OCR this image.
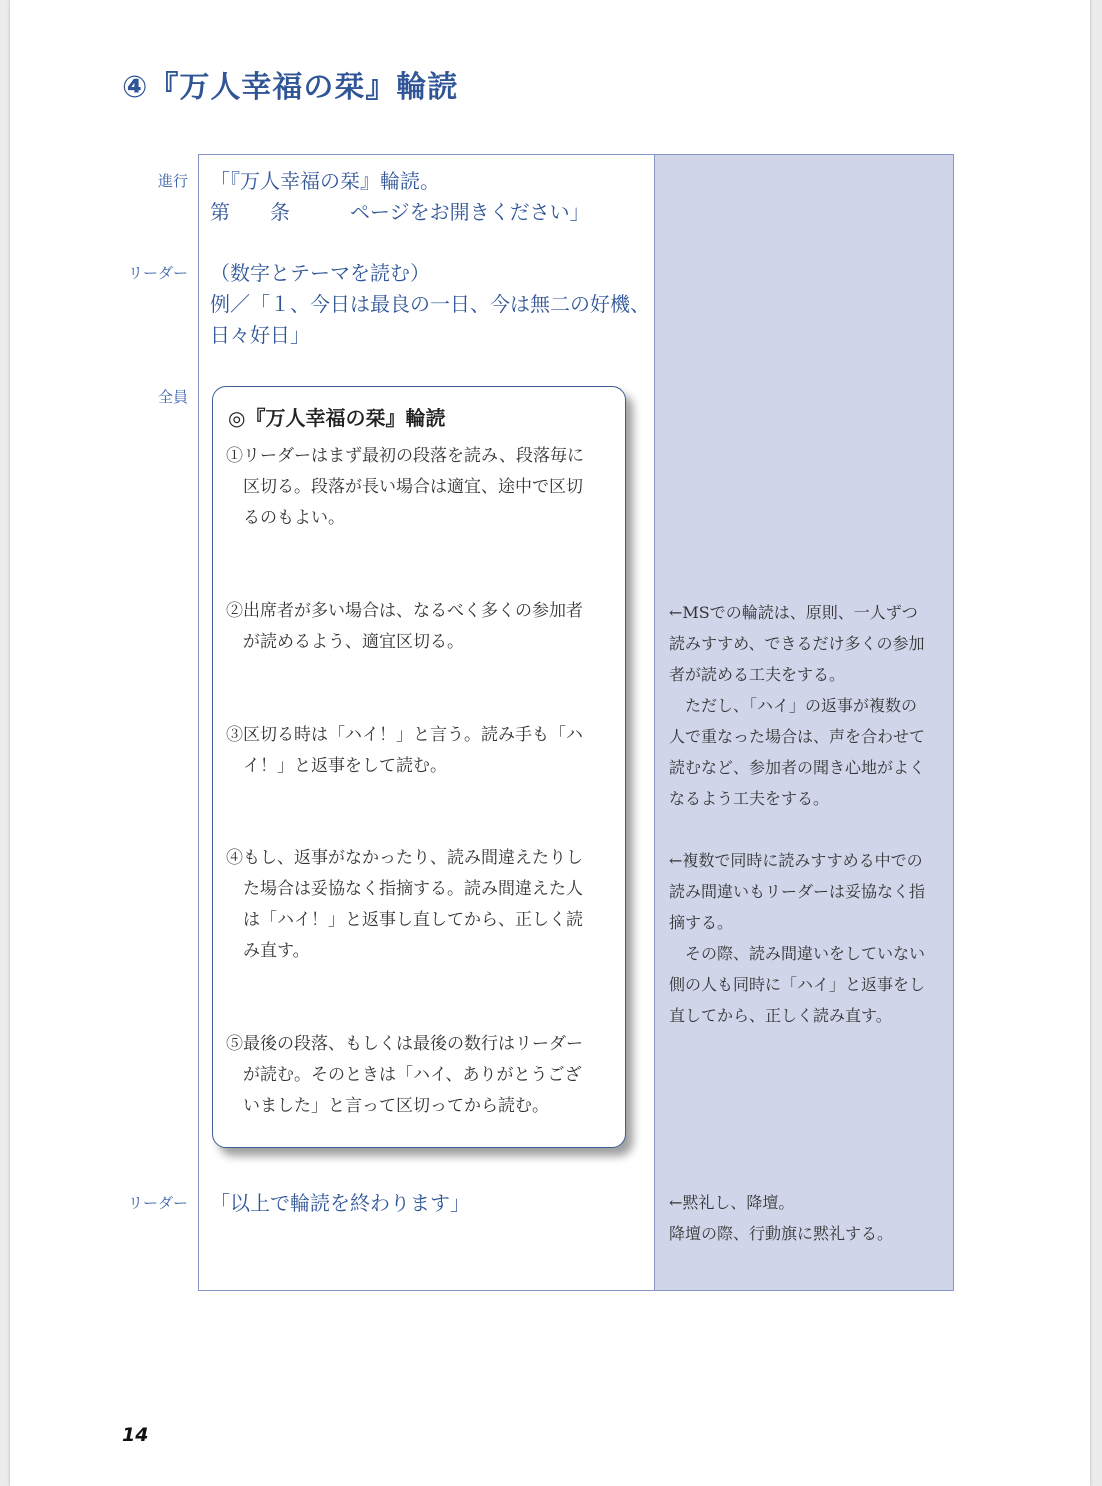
④『万人幸福の栞』輪読
進行
リーダー
全員
リーダー
「『万人幸福の栞』輪読。
第　　条　　　ページをお開きください」
（数字とテーマを読む）
例／「１、今日は最良の一日、今は無二の好機、
日々好日」
◎『万人幸福の栞』輪読
①リーダーはまず最初の段落を読み、段落毎に
　区切る。段落が長い場合は適宜、途中で区切
　るのもよい。
②出席者が多い場合は、なるべく多くの参加者
　が読めるよう、適宜区切る。
③区切る時は「ハイ！」と言う。読み手も「ハ
　イ！」と返事をして読む。
④もし、返事がなかったり、読み間違えたりし
　た場合は妥協なく指摘する。読み間違えた人
　は「ハイ！」と返事し直してから、正しく読
　み直す。
⑤最後の段落、もしくは最後の数行はリーダー
　が読む。そのときは「ハイ、ありがとうござ
　いました」と言って区切ってから読む。
「以上で輪読を終わります」
←MSでの輪読は、原則、一人ずつ
読みすすめ、できるだけ多くの参加
者が読める工夫をする。
　ただし、「ハイ」の返事が複数の
人で重なった場合は、声を合わせて
読むなど、参加者の聞き心地がよく
なるよう工夫をする。
←複数で同時に読みすすめる中での
読み間違いもリーダーは妥協なく指
摘する。
　その際、読み間違いをしていない
側の人も同時に「ハイ」と返事をし
直してから、正しく読み直す。
←黙礼し、降壇。
降壇の際、行動旗に黙礼する。
14
